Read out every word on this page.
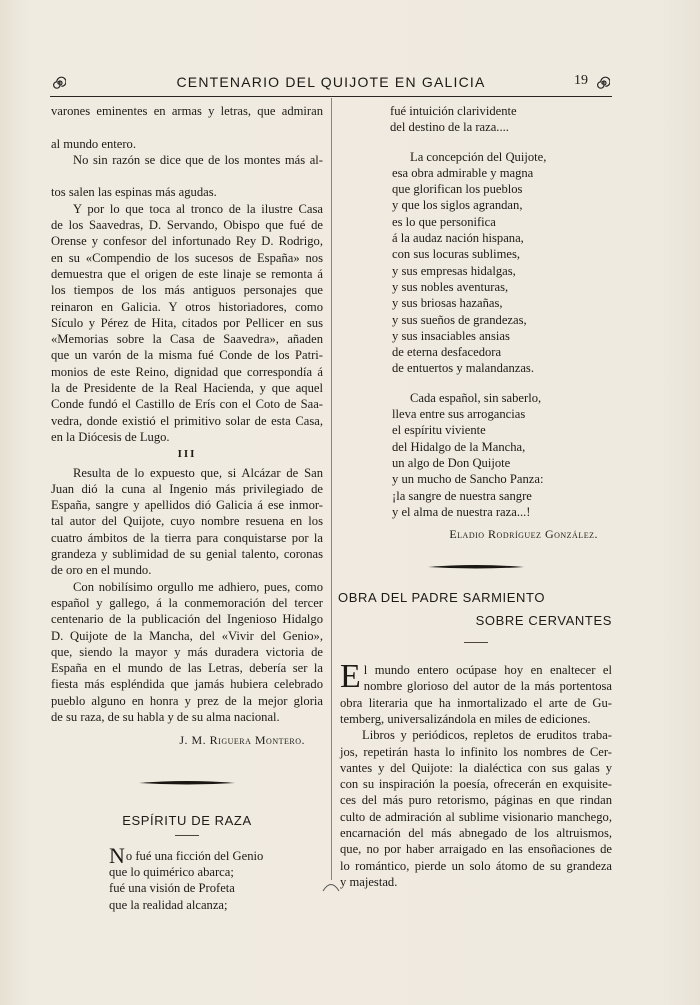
CENTENARIO DEL QUIJOTE EN GALICIA	19

varones eminentes en armas y letras, que admiran
al mundo entero.

No sin razón se dice que de los montes más al-
tos salen las espinas más agudas.

Y por lo que toca al tronco de la ilustre Casa
de los Saavedras, D. Servando, Obispo que fué de
Orense y confesor del infortunado Rey D. Rodrigo,
en su «Compendio de los sucesos de España» nos
demuestra que el origen de este linaje se remonta á
los tiempos de los más antiguos personajes que
reinaron en Galicia. Y otros historiadores, como
Sículo y Pérez de Hita, citados por Pellicer en sus
«Memorias sobre la Casa de Saavedra», añaden
que un varón de la misma fué Conde de los Patri-
monios de este Reino, dignidad que correspondía á
la de Presidente de la Real Hacienda, y que aquel
Conde fundó el Castillo de Erís con el Coto de Saa-
vedra, donde existió el primitivo solar de esta Casa,
en la Diócesis de Lugo.

III

Resulta de lo expuesto que, si Alcázar de San
Juan dió la cuna al Ingenio más privilegiado de
España, sangre y apellidos dió Galicia á ese inmor-
tal autor del Quijote, cuyo nombre resuena en los
cuatro ámbitos de la tierra para conquistarse por la
grandeza y sublimidad de su genial talento, coronas
de oro en el mundo.

Con nobilísimo orgullo me adhiero, pues, como
español y gallego, á la conmemoración del tercer
centenario de la publicación del Ingenioso Hidalgo
D. Quijote de la Mancha, del «Vivir del Genio»,
que, siendo la mayor y más duradera victoria de
España en el mundo de las Letras, debería ser la
fiesta más espléndida que jamás hubiera celebrado
pueblo alguno en honra y prez de la mejor gloria
de su raza, de su habla y de su alma nacional.

J. M. Riguera Montero.
ESPÍRITU DE RAZA
No fué una ficción del Genio
que lo quimérico abarca;
fué una visión de Profeta
que la realidad alcanza;
fué intuición clarividente
del destino de la raza....
La concepción del Quijote,
esa obra admirable y magna
que glorifican los pueblos
y que los siglos agrandan,
es lo que personifica
á la audaz nación hispana,
con sus locuras sublimes,
y sus empresas hidalgas,
y sus nobles aventuras,
y sus briosas hazañas,
y sus sueños de grandezas,
y sus insaciables ansias
de eterna desfacedora
de entuertos y malandanzas.
Cada español, sin saberlo,
lleva entre sus arrogancias
el espíritu viviente
del Hidalgo de la Mancha,
un algo de Don Quijote
y un mucho de Sancho Panza:
¡la sangre de nuestra sangre
y el alma de nuestra raza...!
Eladio Rodríguez González.
OBRA DEL PADRE SARMIENTO
SOBRE CERVANTES
E l mundo entero ocúpase hoy en enaltecer el
nombre glorioso del autor de la más portentosa
obra literaria que ha inmortalizado el arte de Gu-
temberg, universalizándola en miles de ediciones.
Libros y periódicos, repletos de eruditos traba-
jos, repetirán hasta lo infinito los nombres de Cer-
vantes y del Quijote: la dialéctica con sus galas y
con su inspiración la poesía, ofrecerán en exquisite-
ces del más puro retorismo, páginas en que rindan
culto de admiración al sublime visionario manchego,
encarnación del más abnegado de los altruismos,
que, no por haber arraigado en las ensoñaciones de
lo romántico, pierde un solo átomo de su grandeza
y majestad.
